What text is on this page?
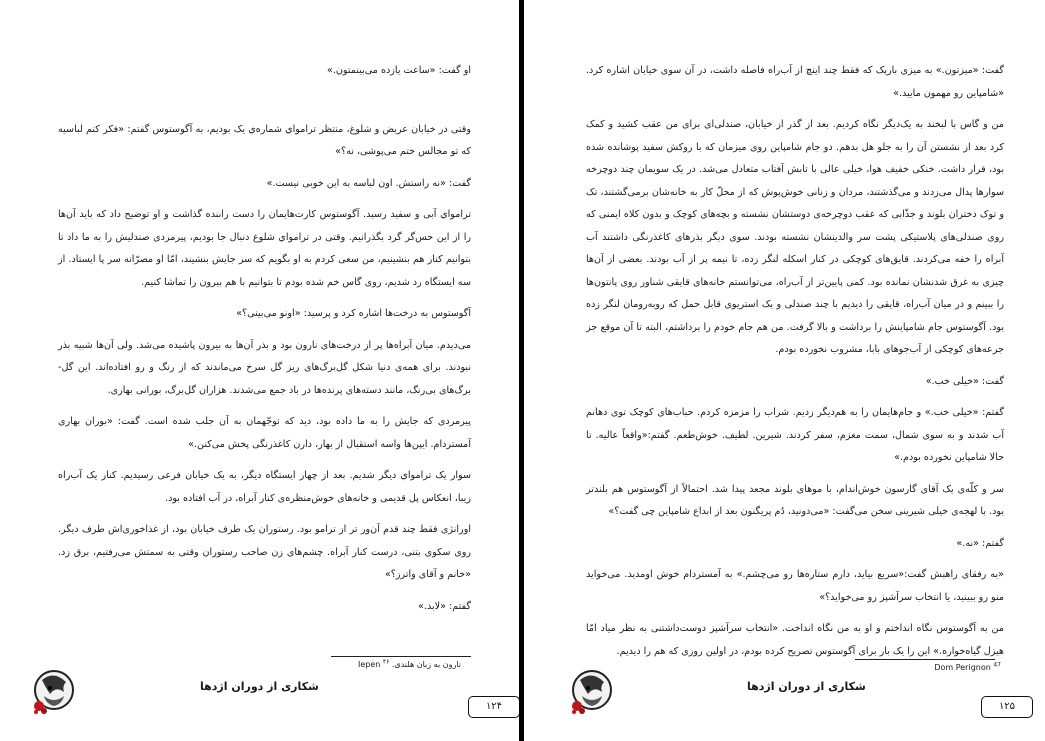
او گفت: «ساعت یازده می‌بینمتون.»

وقتی در خیابان عریض و شلوغ، منتظر ترامواي شماره‌ي يک بوديم، به آگوستوس گفتم: «فکر کنم لباسيه که تو مجالس ختم می‌پوشی، نه؟»

گفت: «نه راستش. اون لباسه به این خوبی نیست.»

ترامواي آبی و سفید رسید. آگوستوس کارت‌هایمان را دست راننده گذاشت و او توضیح داد که باید آن‌ها را از این حس‌گر گرد بگذرانیم. وقتی در ترامواي شلوغ دنبال جا بوديم، پیرمردی صندلیش را به ما داد تا بتوانیم کنار هم بنشینیم، من سعی کردم به او بگویم که سر جایش بنشیند، امّا او مصرّانه سر پا ایستاد. از سه ایستگاه رد شدیم، روی گاس خم شده بودم تا بتوانیم با هم بیرون را تماشا کنیم.

آگوستوس به درخت‌ها اشاره کرد و پرسید: «اونو می‌بینی؟»

می‌دیدم. میان آبراه‌ها پر از درخت‌های نارون بود و بذر آن‌ها به بیرون پاشیده می‌شد. ولی آن‌ها شبیه بذر نبودند. برای همه‌ی دنیا شکل گل‌برگ‌های ریز گل سرخ می‌ماندند که از رنگ و رو افتاده‌اند. این گل-برگ‌های بی‌رنگ، مانند دسته‌های پرنده‌ها در باد جمع می‌شدند. هزاران گل‌برگ، بورانی بهاری.

پیرمردی که جایش را به ما داده بود، دید که توجّهمان به آن جلب شده است. گفت: «بوران بهاری آمستردام. ایپن‌ها واسه استقبال از بهار، دارن کاغذرنگی پخش می‌کنن.»

سوار یک ترامواي دیگر شدیم. بعد از چهار ایستگاه دیگر، به یک خیابان فرعی رسیدیم. کنار یک آب‌راه زیبا، انعکاس پل قدیمی و خانه‌های خوش‌منظره‌ی کنار آبراه، در آب افتاده بود.

اورانژی فقط چند قدم آن‌ور تر از ترامو بود. رستوران یک طرف خیابان بود، از غذاخوری‌اش طرف دیگر. روی سکوی بتنی، درست کنار آبراه. چشم‌های زن صاحب رستوران وقتی به سمتش می‌رفتیم، برق زد. «خانم و آقای واترز؟»

گفتم: «لابد.»

نارون به زبان هلندی. Iepen $^{۴۶}$
شکاری از دوران اژدها
۱۲۴

گفت: «میزتون.» به میزی باریک که فقط چند اینچ از آب‌راه فاصله داشت، در آن سوی خیابان اشاره کرد. «شامپاین رو مهمون ماييد.»

من و گاس با لبخند به یک‌دیگر نگاه کردیم. بعد از گذر از خیابان، صندلی‌ای برای من عقب کشید و کمک کرد بعد از نشستن آن را به جلو هل بدهم. دو جام شامپاین روی میزمان که با روکش سفید پوشانده شده بود، قرار داشت. خنکی خفیف هوا، خیلی عالی با تابش آفتاب متعادل می‌شد. در یک سویمان چند دوچرخه سوارها پدال می‌زدند و می‌گذشتند، مردان و زنانی خوش‌پوش که از محلّ کار به خانه‌شان برمی‌گشتند، تک و توک دختران بلوند و جذّابی که عقب دوچرخه‌ی دوستشان نشسته و بچه‌های کوچک و بدون کلاه ایمنی که روی صندلی‌های پلاستیکی پشت سر والدینشان نشسته بودند. سوی دیگر بذرهای کاغذرنگی داشتند آب آبراه را خفه می‌کردند. قایق‌های کوچکی در کنار اسکله لنگر زده، تا نیمه پر از آب بودند. بعضی از آن‌ها چیزی به غرق شدنشان نمانده بود. کمی پایین‌تر از آب‌راه، می‌توانستم خانه‌های قایقی شناور روی پانتون‌ها را ببینم و در میان آب‌راه، قایقی را دیدیم با چند صندلی و یک استریوی قابل حمل که روبه‌رومان لنگر زده بود. آگوستوس جام شامپاینش را برداشت و بالا گرفت. من هم جام خودم را برداشتم، البته تا آن موقع جز جرعه‌های کوچکی از آب‌جوهای بابا، مشروب نخورده بودم.

گفت: «خیلی خب.»

گفتم: «خیلی خب.» و جام‌هایمان را به هم‌دیگر زدیم. شراب را مزمزه کردم. حباب‌های کوچک توی دهانم آب شدند و به سوی شمال، سمت مغزم، سفر کردند. شیرین. لطیف. خوش‌طعم. گفتم:«واقعاً عالیه. تا حالا شامپاین نخورده بودم.»

سر و کلّه‌ی یک آقای گارسون خوش‌اندام، با موهای بلوند مجعد پیدا شد. احتمالاً از آگوستوس هم بلندتر بود. با لهجه‌ی خیلی شیرینی سخن می‌گفت: «می‌دونید، دُم پریگنون بعد از ابداع شامپاین چی گفت؟»

گفتم: «نه.»

«به رفقای راهبش گفت:«سریع بیاید، دارم ستاره‌ها رو می‌چشم.» به آمستردام خوش اومدید. می‌خواید منو رو ببینید، یا انتخاب سرآشپز رو می‌خواید؟»

من به آگوستوس نگاه انداختم و او به من نگاه انداخت. «انتخاب سرآشپز دوست‌داشتنی به نظر میاد امّا هیزل گیاه‌خواره.» این را یک بار برای آگوستوس تصریح کرده بودم، در اولین روزی که هم را دیدیم.

Dom Perignon $^{47}$
شکاری از دوران اژدها
۱۲۵
